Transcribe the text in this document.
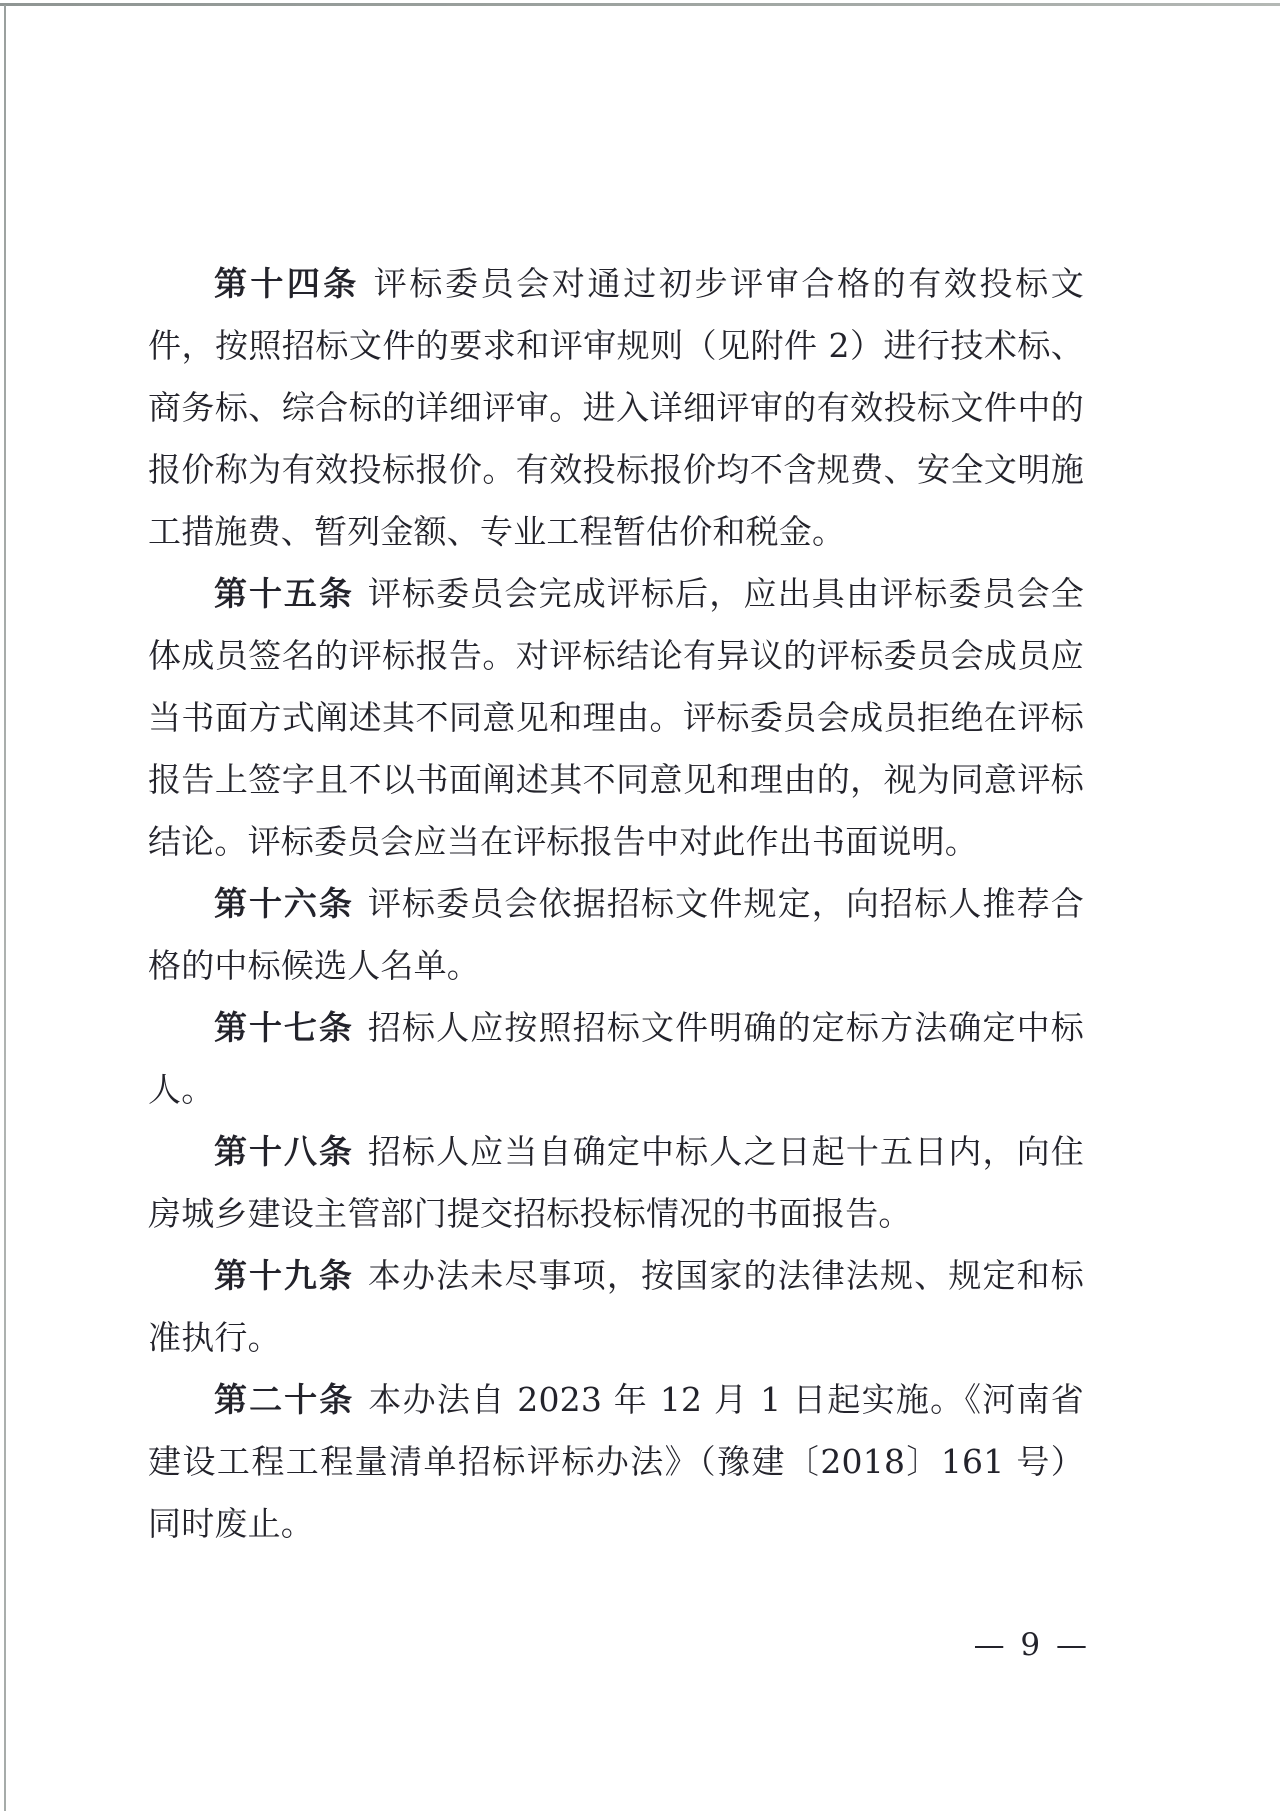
第十四条 评标委员会对通过初步评审合格的有效投标文件，按照招标文件的要求和评审规则（见附件 2）进行技术标、商务标、综合标的详细评审。进入详细评审的有效投标文件中的报价称为有效投标报价。有效投标报价均不含规费、安全文明施工措施费、暂列金额、专业工程暂估价和税金。

第十五条 评标委员会完成评标后，应出具由评标委员会全体成员签名的评标报告。对评标结论有异议的评标委员会成员应当书面方式阐述其不同意见和理由。评标委员会成员拒绝在评标报告上签字且不以书面阐述其不同意见和理由的，视为同意评标结论。评标委员会应当在评标报告中对此作出书面说明。

第十六条 评标委员会依据招标文件规定，向招标人推荐合格的中标候选人名单。

第十七条 招标人应按照招标文件明确的定标方法确定中标人。

第十八条 招标人应当自确定中标人之日起十五日内，向住房城乡建设主管部门提交招标投标情况的书面报告。

第十九条 本办法未尽事项，按国家的法律法规、规定和标准执行。

第二十条 本办法自 2023 年 12 月 1 日起实施。《河南省建设工程工程量清单招标评标办法》（豫建〔2018〕161 号）同时废止。

— 9 —
